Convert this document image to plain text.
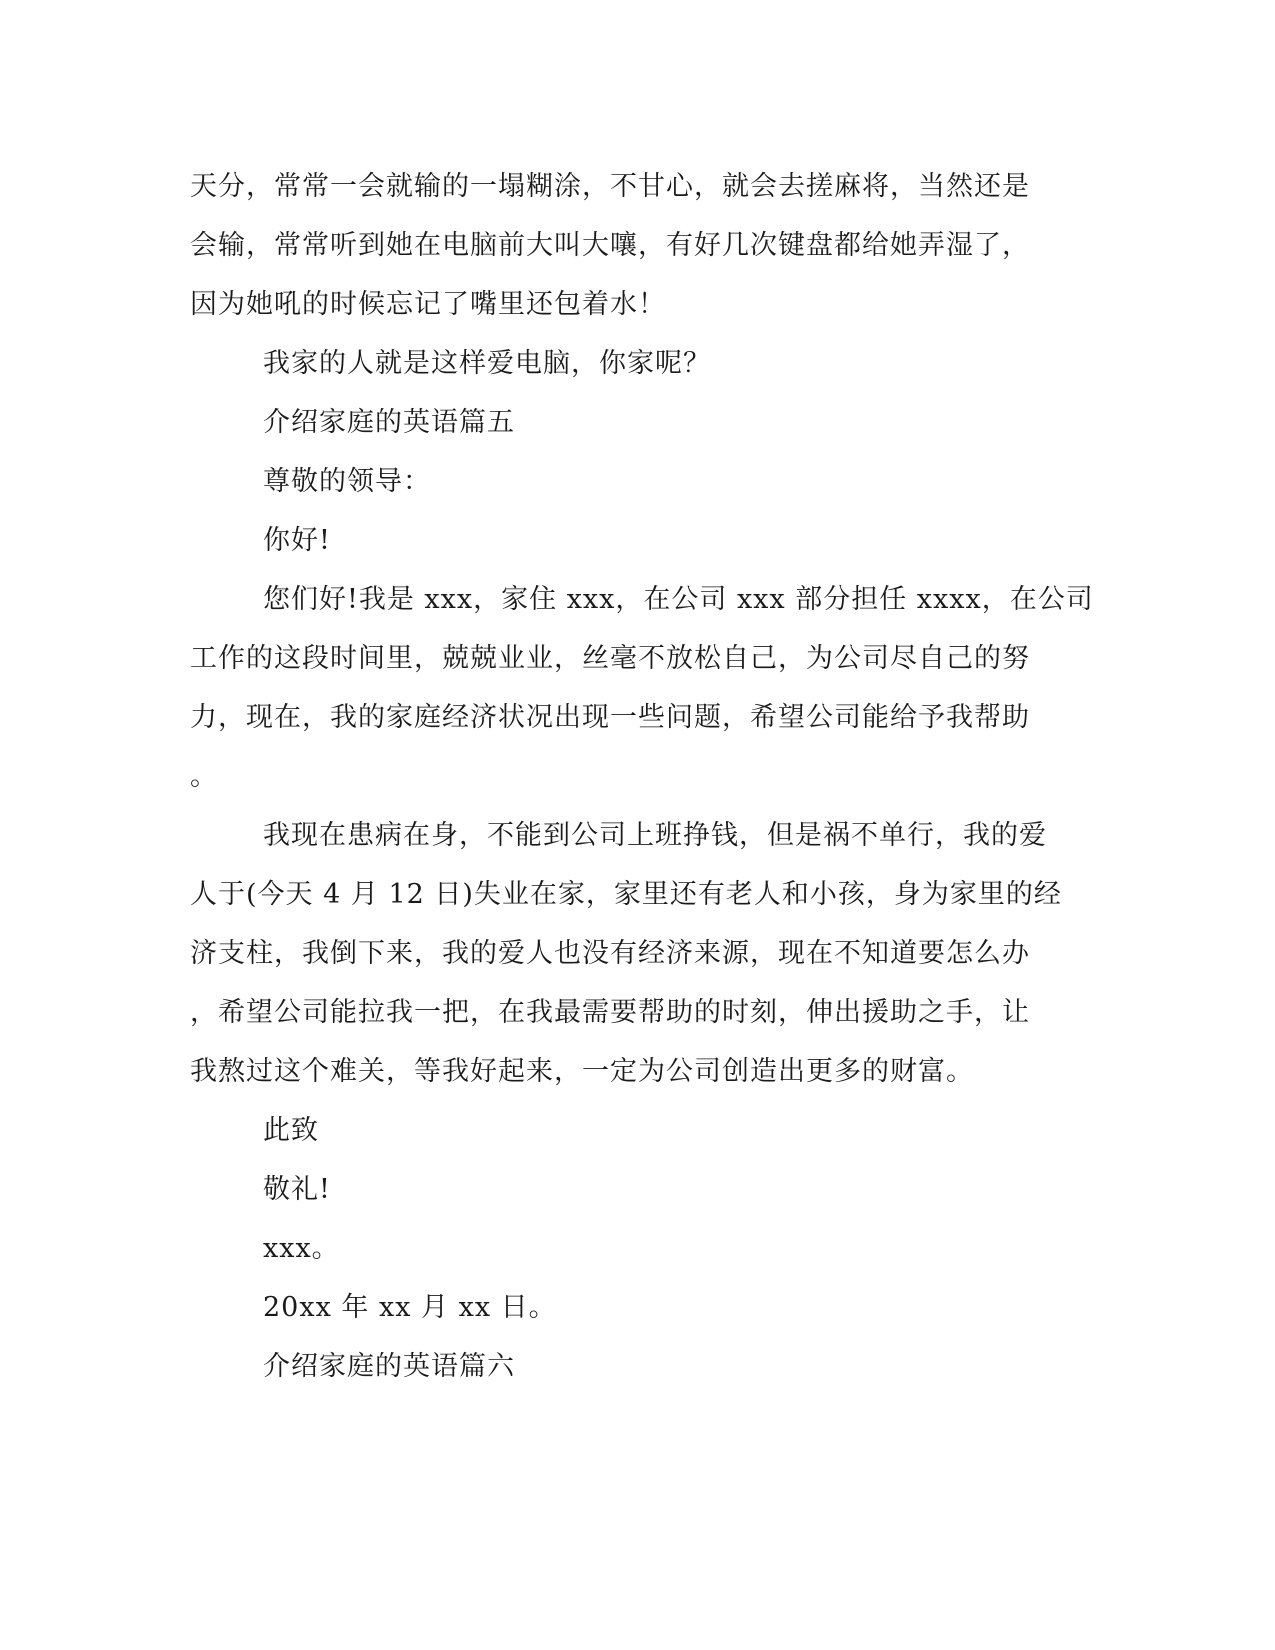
天分，常常一会就输的一塌糊涂，不甘心，就会去搓麻将，当然还是

会输，常常听到她在电脑前大叫大嚷，有好几次键盘都给她弄湿了，

因为她吼的时候忘记了嘴里还包着水！

我家的人就是这样爱电脑，你家呢？

介绍家庭的英语篇五

尊敬的领导：

你好!

您们好!我是 xxx，家住 xxx，在公司 xxx 部分担任 xxxx，在公司

工作的这段时间里，兢兢业业，丝毫不放松自己，为公司尽自己的努

力，现在，我的家庭经济状况出现一些问题，希望公司能给予我帮助

。

我现在患病在身，不能到公司上班挣钱，但是祸不单行，我的爱

人于(今天 4 月 12 日)失业在家，家里还有老人和小孩，身为家里的经

济支柱，我倒下来，我的爱人也没有经济来源，现在不知道要怎么办

，希望公司能拉我一把，在我最需要帮助的时刻，伸出援助之手，让

我熬过这个难关，等我好起来，一定为公司创造出更多的财富。

此致

敬礼!

xxx。

20xx 年 xx 月 xx 日。

介绍家庭的英语篇六
